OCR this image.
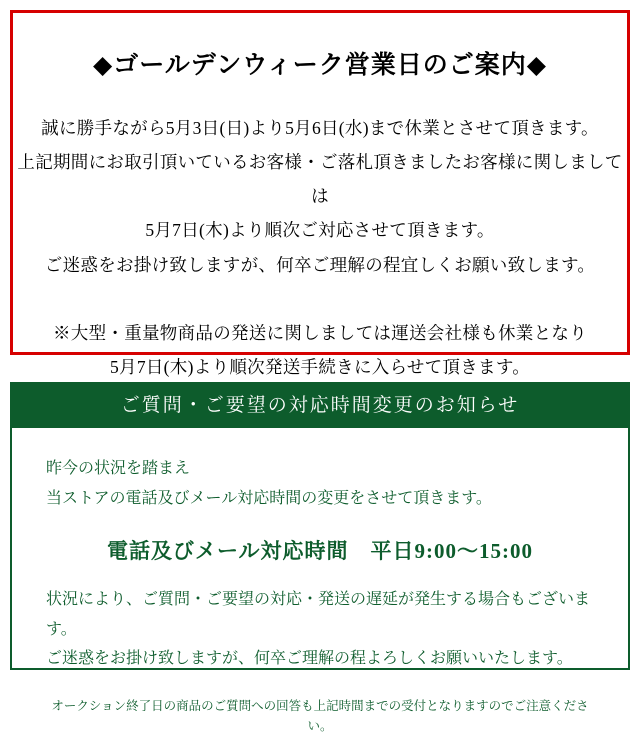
◆ゴールデンウィーク営業日のご案内◆
誠に勝手ながら5月3日(日)より5月6日(水)まで休業とさせて頂きます。
上記期間にお取引頂いているお客様・ご落札頂きましたお客様に関しましては
5月7日(木)より順次ご対応させて頂きます。
ご迷惑をお掛け致しますが、何卒ご理解の程宜しくお願い致します。
※大型・重量物商品の発送に関しましては運送会社様も休業となり
5月7日(木)より順次発送手続きに入らせて頂きます。
ご質問・ご要望の対応時間変更のお知らせ
昨今の状況を踏まえ
当ストアの電話及びメール対応時間の変更をさせて頂きます。
電話及びメール対応時間　平日9:00〜15:00
状況により、ご質問・ご要望の対応・発送の遅延が発生する場合もございます。
ご迷惑をお掛け致しますが、何卒ご理解の程よろしくお願いいたします。
オークション終了日の商品のご質問への回答も上記時間までの受付となりますのでご注意ください。
